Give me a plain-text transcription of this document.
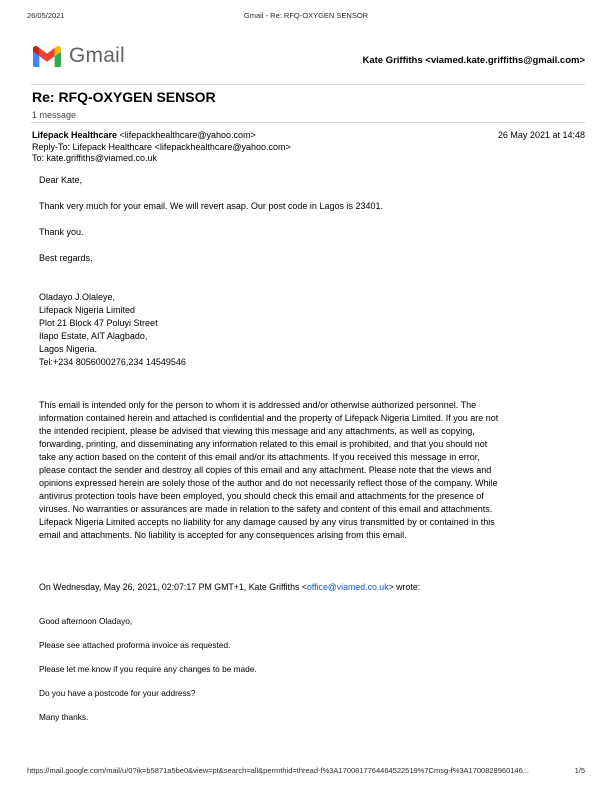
26/05/2021	Gmail - Re: RFQ-OXYGEN SENSOR
Gmail	Kate Griffiths <viamed.kate.griffiths@gmail.com>
Re: RFQ-OXYGEN SENSOR
1 message
Lifepack Healthcare <lifepackhealthcare@yahoo.com>	26 May 2021 at 14:48
Reply-To: Lifepack Healthcare <lifepackhealthcare@yahoo.com>
To: kate.griffiths@viamed.co.uk

Dear Kate,

Thank very much for your email. We will revert asap. Our post code in Lagos is 23401.

Thank you.

Best regards,

Oladayo J.Olaleye,
Lifepack Nigeria Limited
Plot 21 Block 47 Poluyi Street
Ilapo Estate, AIT Alagbado,
Lagos Nigeria.
Tel:+234 8056000276,234 14549546

This email is intended only for the person to whom it is addressed and/or otherwise authorized personnel. The information contained herein and attached is confidential and the property of Lifepack Nigeria Limited. If you are not the intended recipient, please be advised that viewing this message and any attachments, as well as copying, forwarding, printing, and disseminating any information related to this email is prohibited, and that you should not take any action based on the content of this email and/or its attachments. If you received this message in error, please contact the sender and destroy all copies of this email and any attachment. Please note that the views and opinions expressed herein are solely those of the author and do not necessarily reflect those of the company. While antivirus protection tools have been employed, you should check this email and attachments for the presence of viruses. No warranties or assurances are made in relation to the safety and content of this email and attachments. Lifepack Nigeria Limited accepts no liability for any damage caused by any virus transmitted by or contained in this email and attachments. No liability is accepted for any consequences arising from this email.

On Wednesday, May 26, 2021, 02:07:17 PM GMT+1, Kate Griffiths <office@viamed.co.uk> wrote:

Good afternoon Oladayo,

Please see attached proforma invoice as requested.

Please let me know if you require any changes to be made.

Do you have a postcode for your address?

Many thanks.

https://mail.google.com/mail/u/0?ik=b5871a5be0&view=pt&search=all&permthid=thread-f%3A1700817764464522519%7Cmsg-f%3A1700828960146...	1/5
